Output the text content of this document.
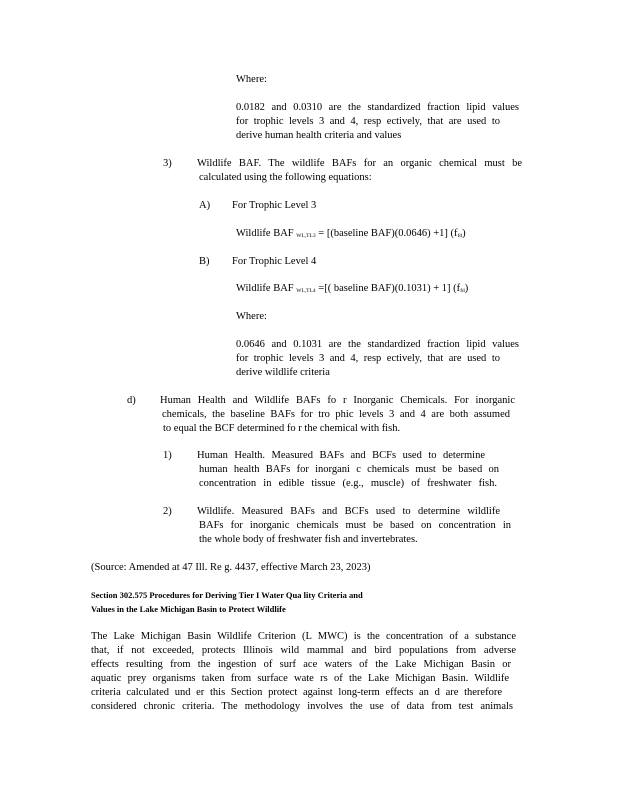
Where:
0.0182 and 0.0310 are the standardized fraction lipid values
for trophic levels 3 and 4, resp ectively, that are used to
derive human health criteria and values
3) Wildlife BAF. The wildlife BAFs for an organic chemical must be
calculated using the following equations:
A) For Trophic Level 3
Wildlife BAF WL,TL3 = [(baseline BAF)(0.0646) +1] (ffd)
B) For Trophic Level 4
Wildlife BAF WL,TL4 =[( baseline BAF)(0.1031) + 1] (ffd)
Where:
0.0646 and 0.1031 are the standardized fraction lipid values
for trophic levels 3 and 4, resp ectively, that are used to
derive wildlife criteria
d) Human Health and Wildlife BAFs fo r Inorganic Chemicals. For inorganic
chemicals, the baseline BAFs for tro phic levels 3 and 4 are both assumed
to equal the BCF determined fo r the chemical with fish.
1) Human Health. Measured BAFs and BCFs used to determine
human health BAFs for inorgani c chemicals must be based on
concentration in edible tissue (e.g., muscle) of freshwater fish.
2) Wildlife. Measured BAFs and BCFs used to determine wildlife
BAFs for inorganic chemicals must be based on concentration in
the whole body of freshwater fish and invertebrates.
(Source: Amended at 47 Ill. Re g. 4437, effective March 23, 2023)
Section 302.575 Procedures for Deriving Tier I Water Qua lity Criteria and
Values in the Lake Michigan Basin to Protect Wildlife
The Lake Michigan Basin Wildlife Criterion (L MWC) is the concentration of a substance
that, if not exceeded, protects Illinois wild mammal and bird populations from adverse
effects resulting from the ingestion of surf ace waters of the Lake Michigan Basin or
aquatic prey organisms taken from surface wate rs of the Lake Michigan Basin. Wildlife
criteria calculated und er this Section protect against long-term effects an d are therefore
considered chronic criteria. The methodology involves the use of data from test animals
